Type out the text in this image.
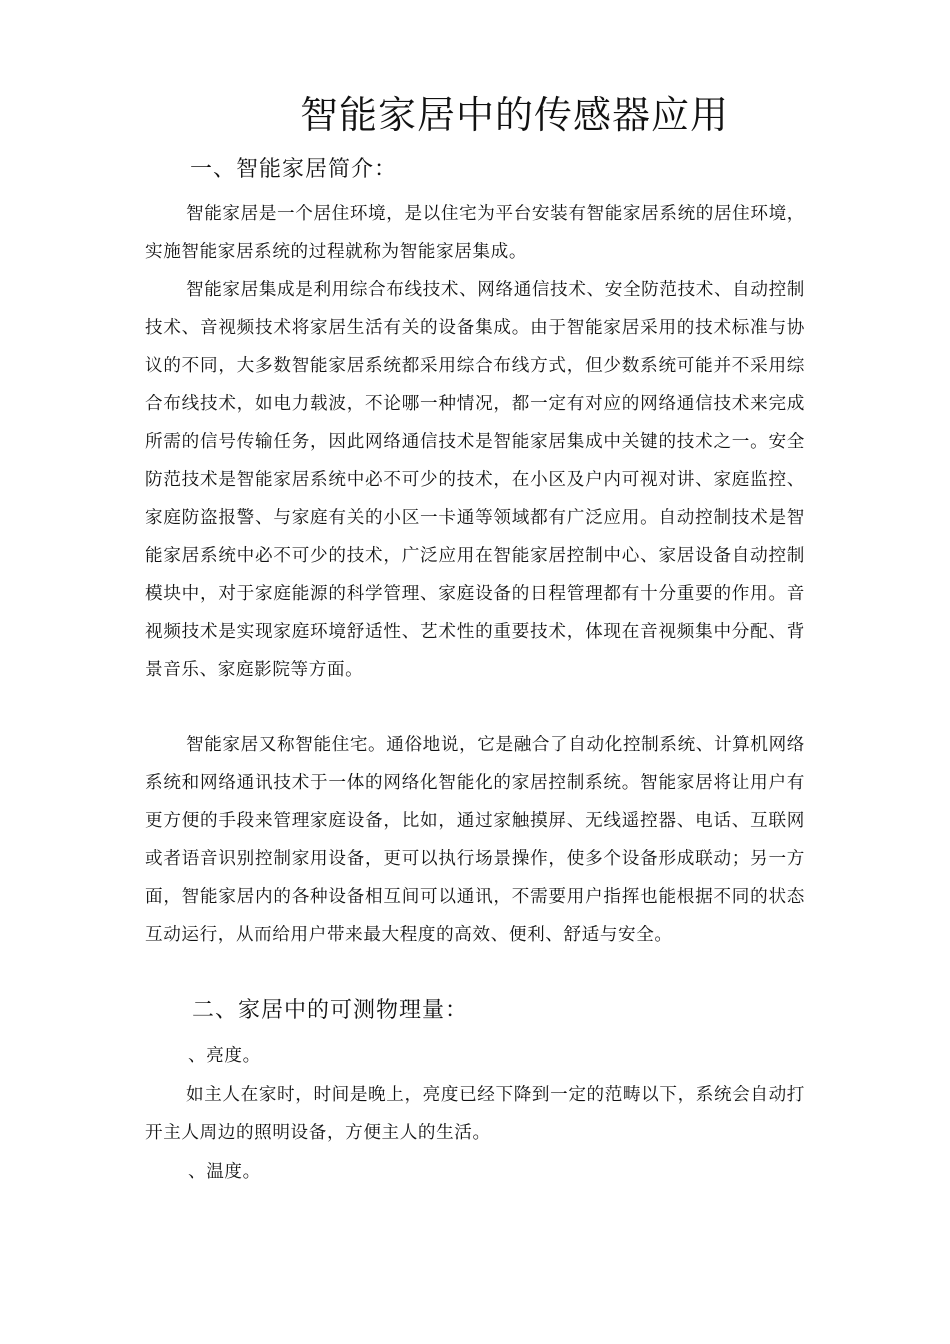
智能家居中的传感器应用
一、智能家居简介：

智能家居是一个居住环境，是以住宅为平台安装有智能家居系统的居住环境，实施智能家居系统的过程就称为智能家居集成。

智能家居集成是利用综合布线技术、网络通信技术、安全防范技术、自动控制技术、音视频技术将家居生活有关的设备集成。由于智能家居采用的技术标准与协议的不同，大多数智能家居系统都采用综合布线方式，但少数系统可能并不采用综合布线技术，如电力载波，不论哪一种情况，都一定有对应的网络通信技术来完成所需的信号传输任务，因此网络通信技术是智能家居集成中关键的技术之一。安全防范技术是智能家居系统中必不可少的技术，在小区及户内可视对讲、家庭监控、家庭防盗报警、与家庭有关的小区一卡通等领域都有广泛应用。自动控制技术是智能家居系统中必不可少的技术，广泛应用在智能家居控制中心、家居设备自动控制模块中，对于家庭能源的科学管理、家庭设备的日程管理都有十分重要的作用。音视频技术是实现家庭环境舒适性、艺术性的重要技术，体现在音视频集中分配、背景音乐、家庭影院等方面。

智能家居又称智能住宅。通俗地说，它是融合了自动化控制系统、计算机网络系统和网络通讯技术于一体的网络化智能化的家居控制系统。智能家居将让用户有更方便的手段来管理家庭设备，比如，通过家触摸屏、无线遥控器、电话、互联网或者语音识别控制家用设备，更可以执行场景操作，使多个设备形成联动；另一方面，智能家居内的各种设备相互间可以通讯，不需要用户指挥也能根据不同的状态互动运行，从而给用户带来最大程度的高效、便利、舒适与安全。

二、家居中的可测物理量：
、亮度。

如主人在家时，时间是晚上，亮度已经下降到一定的范畴以下，系统会自动打开主人周边的照明设备，方便主人的生活。

、温度。
